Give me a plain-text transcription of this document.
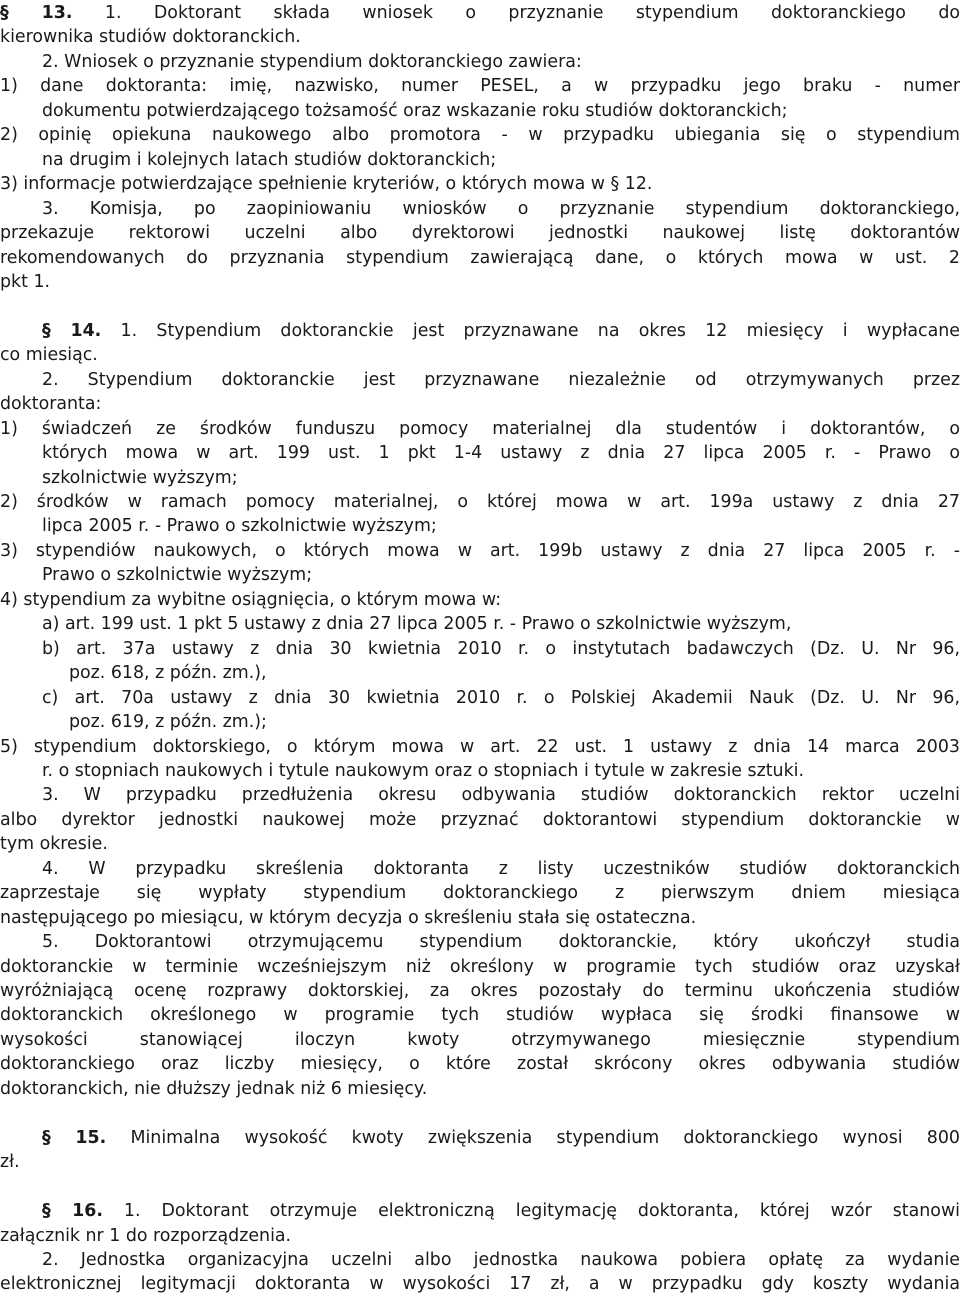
§ 13. 1. Doktorant składa wniosek o przyznanie stypendium doktoranckiego do
kierownika studiów doktoranckich.
2. Wniosek o przyznanie stypendium doktoranckiego zawiera:
1) dane doktoranta: imię, nazwisko, numer PESEL, a w przypadku jego braku - numer
dokumentu potwierdzającego tożsamość oraz wskazanie roku studiów doktoranckich;
2) opinię opiekuna naukowego albo promotora - w przypadku ubiegania się o stypendium
na drugim i kolejnych latach studiów doktoranckich;
3) informacje potwierdzające spełnienie kryteriów, o których mowa w § 12.
3. Komisja, po zaopiniowaniu wniosków o przyznanie stypendium doktoranckiego,
przekazuje rektorowi uczelni albo dyrektorowi jednostki naukowej listę doktorantów
rekomendowanych do przyznania stypendium zawierającą dane, o których mowa w ust. 2
pkt 1.

§ 14. 1. Stypendium doktoranckie jest przyznawane na okres 12 miesięcy i wypłacane
co miesiąc.
2. Stypendium doktoranckie jest przyznawane niezależnie od otrzymywanych przez
doktoranta:
1) świadczeń ze środków funduszu pomocy materialnej dla studentów i doktorantów, o
których mowa w art. 199 ust. 1 pkt 1-4 ustawy z dnia 27 lipca 2005 r. - Prawo o
szkolnictwie wyższym;
2) środków w ramach pomocy materialnej, o której mowa w art. 199a ustawy z dnia 27
lipca 2005 r. - Prawo o szkolnictwie wyższym;
3) stypendiów naukowych, o których mowa w art. 199b ustawy z dnia 27 lipca 2005 r. -
Prawo o szkolnictwie wyższym;
4) stypendium za wybitne osiągnięcia, o którym mowa w:
a) art. 199 ust. 1 pkt 5 ustawy z dnia 27 lipca 2005 r. - Prawo o szkolnictwie wyższym,
b) art. 37a ustawy z dnia 30 kwietnia 2010 r. o instytutach badawczych (Dz. U. Nr 96,
poz. 618, z późn. zm.),
c) art. 70a ustawy z dnia 30 kwietnia 2010 r. o Polskiej Akademii Nauk (Dz. U. Nr 96,
poz. 619, z późn. zm.);
5) stypendium doktorskiego, o którym mowa w art. 22 ust. 1 ustawy z dnia 14 marca 2003
r. o stopniach naukowych i tytule naukowym oraz o stopniach i tytule w zakresie sztuki.
3. W przypadku przedłużenia okresu odbywania studiów doktoranckich rektor uczelni
albo dyrektor jednostki naukowej może przyznać doktorantowi stypendium doktoranckie w
tym okresie.
4. W przypadku skreślenia doktoranta z listy uczestników studiów doktoranckich
zaprzestaje się wypłaty stypendium doktoranckiego z pierwszym dniem miesiąca
następującego po miesiącu, w którym decyzja o skreśleniu stała się ostateczna.
5. Doktorantowi otrzymującemu stypendium doktoranckie, który ukończył studia
doktoranckie w terminie wcześniejszym niż określony w programie tych studiów oraz uzyskał
wyróżniającą ocenę rozprawy doktorskiej, za okres pozostały do terminu ukończenia studiów
doktoranckich określonego w programie tych studiów wypłaca się środki finansowe w
wysokości stanowiącej iloczyn kwoty otrzymywanego miesięcznie stypendium
doktoranckiego oraz liczby miesięcy, o które został skrócony okres odbywania studiów
doktoranckich, nie dłuższy jednak niż 6 miesięcy.

§ 15. Minimalna wysokość kwoty zwiększenia stypendium doktoranckiego wynosi 800
zł.

§ 16. 1. Doktorant otrzymuje elektroniczną legitymację doktoranta, której wzór stanowi
załącznik nr 1 do rozporządzenia.
2. Jednostka organizacyjna uczelni albo jednostka naukowa pobiera opłatę za wydanie
elektronicznej legitymacji doktoranta w wysokości 17 zł, a w przypadku gdy koszty wydania
